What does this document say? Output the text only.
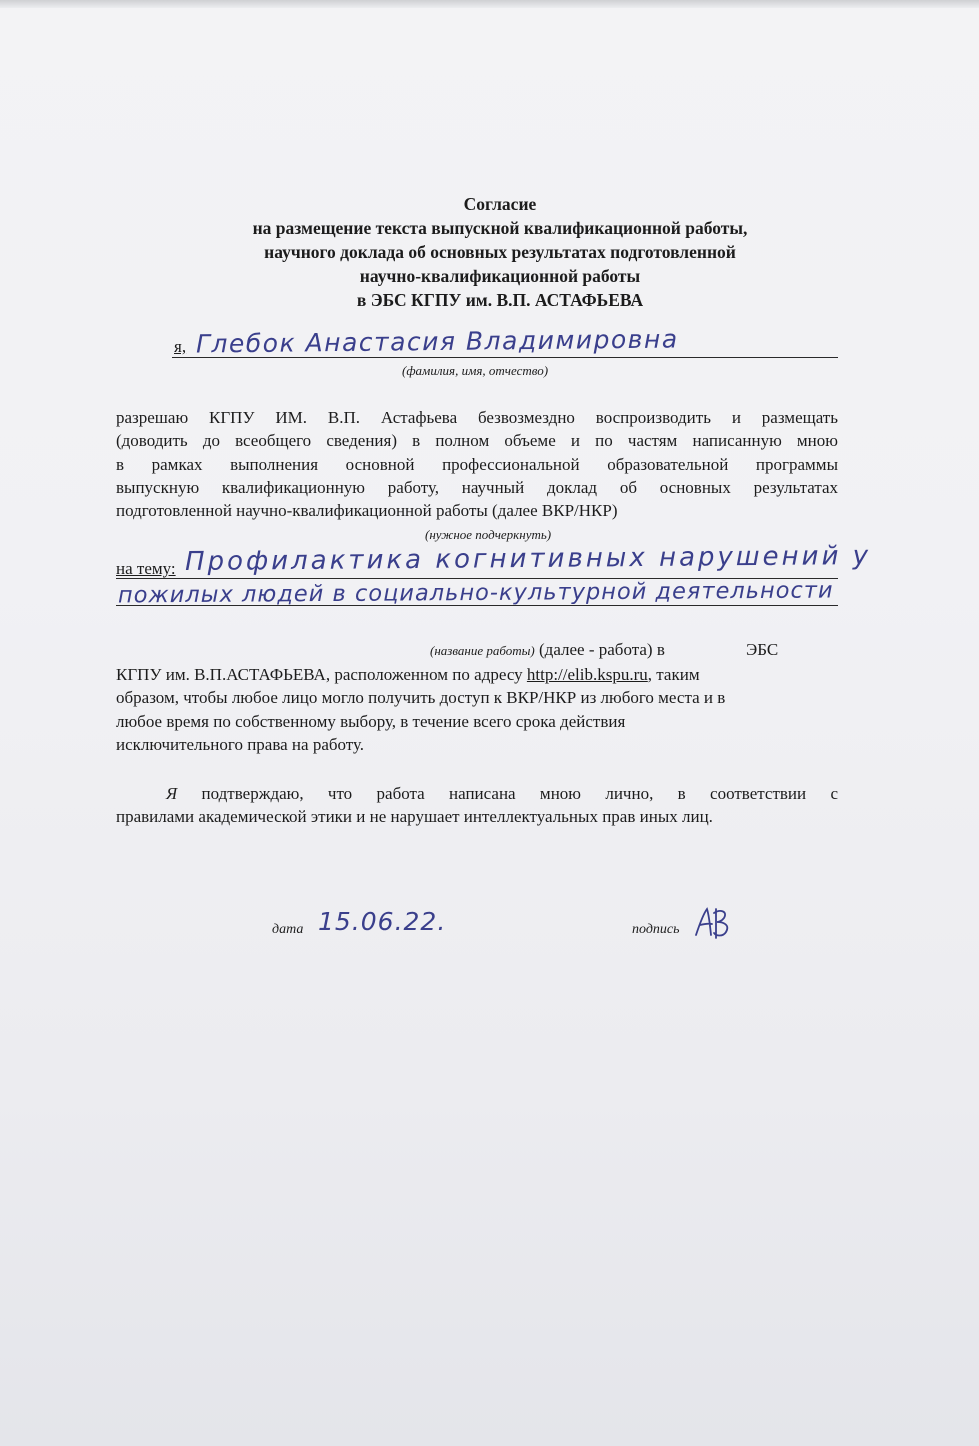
Согласие
на размещение текста выпускной квалификационной работы,
научного доклада об основных результатах подготовленной
научно-квалификационной работы
в ЭБС КГПУ им. В.П. АСТАФЬЕВА
я, Глебок Анастасия Владимировна
(фамилия, имя, отчество)
разрешаю КГПУ ИМ. В.П. Астафьева безвозмездно воспроизводить и размещать
(доводить до всеобщего сведения) в полном объеме и по частям написанную мною
в рамках выполнения основной профессиональной образовательной программы
выпускную квалификационную работу, научный доклад об основных результатах
подготовленной научно-квалификационной работы (далее ВКР/НКР)
(нужное подчеркнуть)
на тему: Профилактика когнитивных нарушений у
пожилых людей в социально-культурной деятельности
(название работы) (далее - работа) в	ЭБС
КГПУ им. В.П.АСТАФЬЕВА, расположенном по адресу http://elib.kspu.ru, таким
образом, чтобы любое лицо могло получить доступ к ВКР/НКР из любого места и в
любое время по собственному выбору, в течение всего срока действия
исключительного права на работу.
Я подтверждаю, что работа написана мною лично, в соответствии с
правилами академической этики и не нарушает интеллектуальных прав иных лиц.
дата 15.06.22.	подпись
